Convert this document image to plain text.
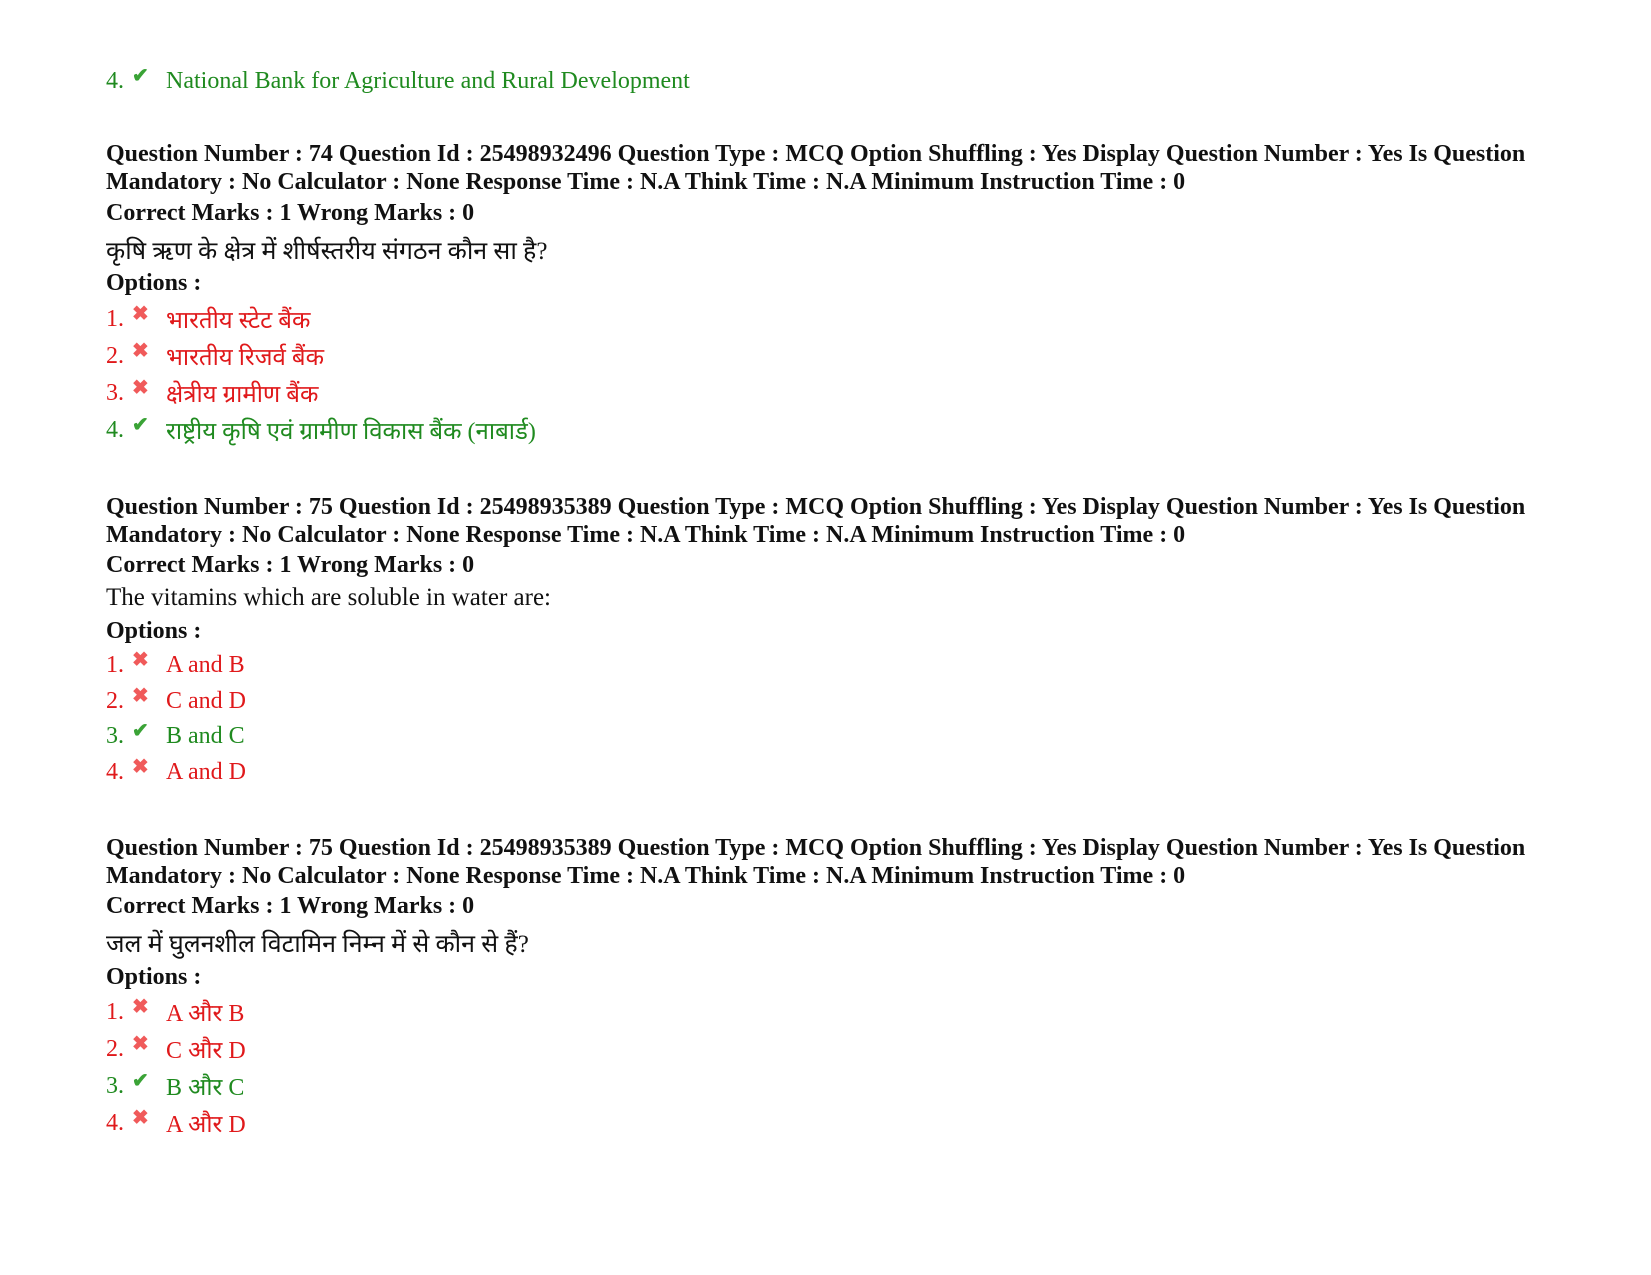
4. ✔ National Bank for Agriculture and Rural Development
Question Number : 74 Question Id : 25498932496 Question Type : MCQ Option Shuffling : Yes Display Question Number : Yes Is Question Mandatory : No Calculator : None Response Time : N.A Think Time : N.A Minimum Instruction Time : 0
Correct Marks : 1 Wrong Marks : 0
कृषि ऋण के क्षेत्र में शीर्षस्तरीय संगठन कौन सा है?
Options :
1. ✖ भारतीय स्टेट बैंक
2. ✖ भारतीय रिजर्व बैंक
3. ✖ क्षेत्रीय ग्रामीण बैंक
4. ✔ राष्ट्रीय कृषि एवं ग्रामीण विकास बैंक (नाबार्ड)
Question Number : 75 Question Id : 25498935389 Question Type : MCQ Option Shuffling : Yes Display Question Number : Yes Is Question Mandatory : No Calculator : None Response Time : N.A Think Time : N.A Minimum Instruction Time : 0
Correct Marks : 1 Wrong Marks : 0
The vitamins which are soluble in water are:
Options :
1. ✖ A and B
2. ✖ C and D
3. ✔ B and C
4. ✖ A and D
Question Number : 75 Question Id : 25498935389 Question Type : MCQ Option Shuffling : Yes Display Question Number : Yes Is Question Mandatory : No Calculator : None Response Time : N.A Think Time : N.A Minimum Instruction Time : 0
Correct Marks : 1 Wrong Marks : 0
जल में घुलनशील विटामिन निम्न में से कौन से हैं?
Options :
1. ✖ A और B
2. ✖ C और D
3. ✔ B और C
4. ✖ A और D
